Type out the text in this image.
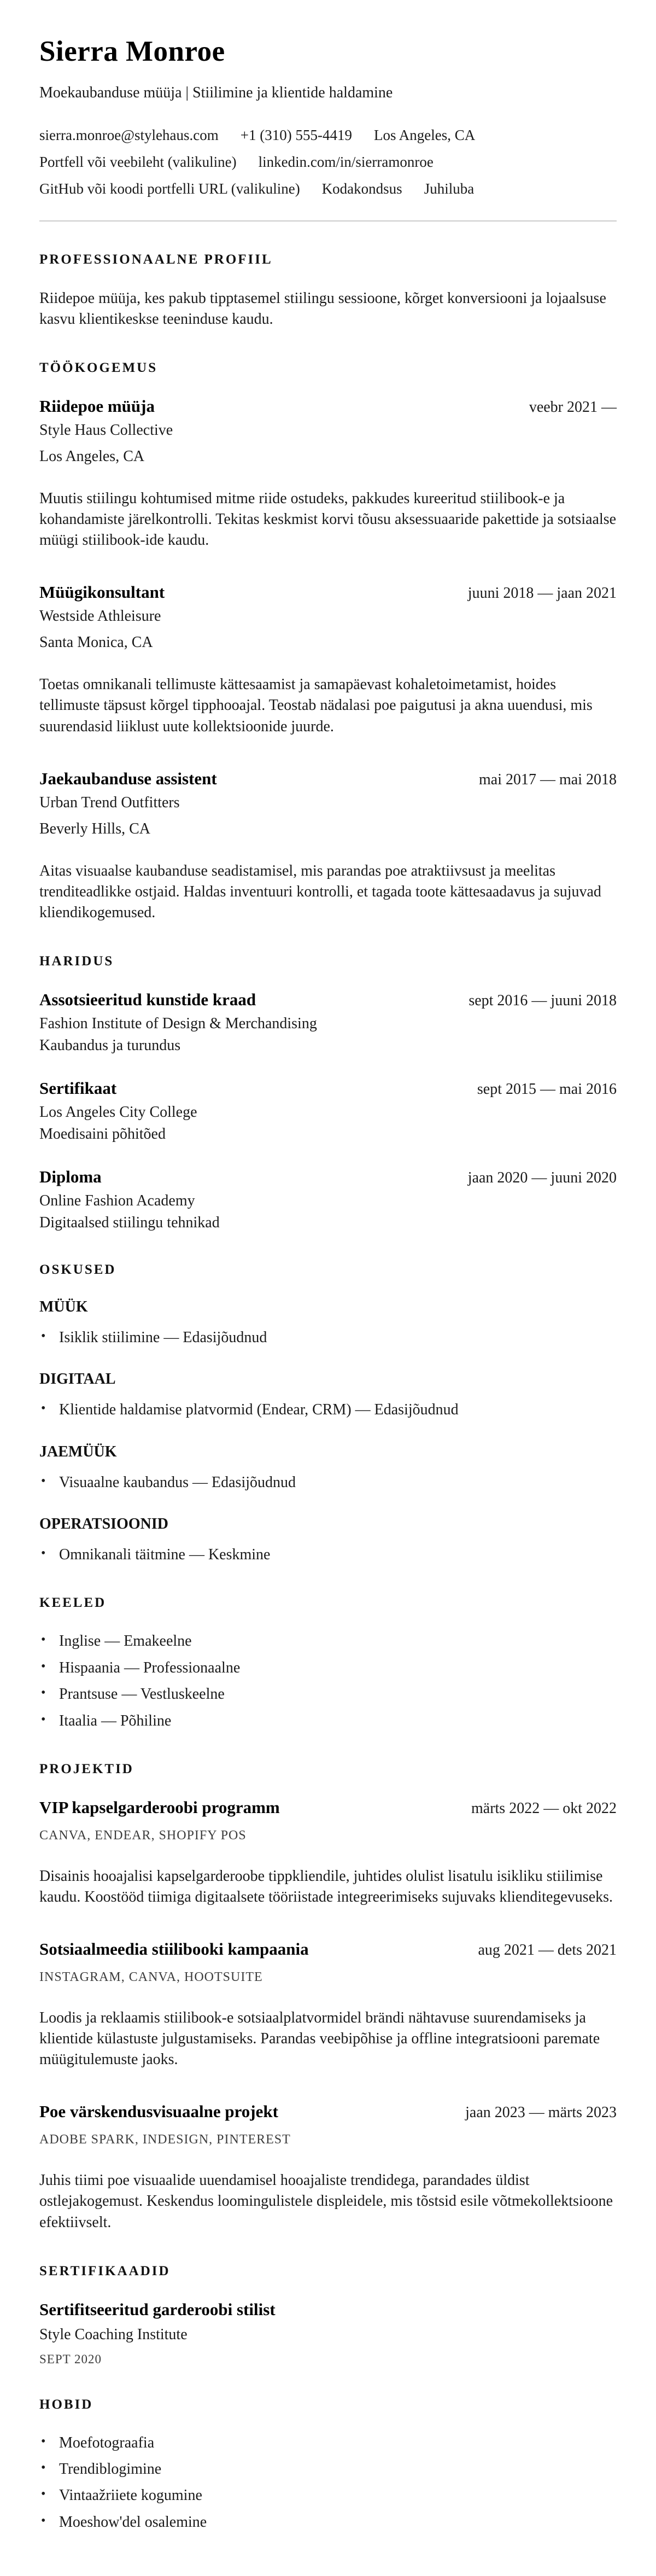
Sierra Monroe

Moekaubanduse müüja | Stiilimine ja klientide haldamine

sierra.monroe@stylehaus.com +1 (310) 555-4419 Los Angeles, CA
Portfell või veebileht (valikuline) linkedin.com/in/sierramonroe
GitHub või koodi portfelli URL (valikuline) Kodakondsus Juhiluba
PROFESSIONAALNE PROFIIL

Riidepoe müüja, kes pakub tipptasemel stiilingu sessioone, kõrget konversiooni ja lojaalsuse kasvu klientikeskse teeninduse kaudu.

TÖÖKOGEMUS
Riidepoe müüja	veebr 2021 —

Style Haus Collective

Los Angeles, CA

Muutis stiilingu kohtumised mitme riide ostudeks, pakkudes kureeritud stiilibook-e ja kohandamiste järelkontrolli. Tekitas keskmist korvi tõusu aksessuaaride pakettide ja sotsiaalse müügi stiilibook-ide kaudu.

Müügikonsultant	juuni 2018 — jaan 2021

Westside Athleisure

Santa Monica, CA

Toetas omnikanali tellimuste kättesaamist ja samapäevast kohaletoimetamist, hoides tellimuste täpsust kõrgel tipphooajal. Teostab nädalasi poe paigutusi ja akna uuendusi, mis suurendasid liiklust uute kollektsioonide juurde.

Jaekaubanduse assistent	mai 2017 — mai 2018

Urban Trend Outfitters

Beverly Hills, CA

Aitas visuaalse kaubanduse seadistamisel, mis parandas poe atraktiivsust ja meelitas trenditeadlikke ostjaid. Haldas inventuuri kontrolli, et tagada toote kättesaadavus ja sujuvad kliendikogemused.

HARIDUS
Assotsieeritud kunstide kraad	sept 2016 — juuni 2018

Fashion Institute of Design & Merchandising

Kaubandus ja turundus

Sertifikaat	sept 2015 — mai 2016

Los Angeles City College

Moedisaini põhitõed

Diploma	jaan 2020 — juuni 2020

Online Fashion Academy

Digitaalsed stiilingu tehnikad

OSKUSED
MÜÜK
• Isiklik stiilimine — Edasijõudnud
DIGITAAL
• Klientide haldamise platvormid (Endear, CRM) — Edasijõudnud
JAEMÜÜK
• Visuaalne kaubandus — Edasijõudnud
OPERATSIOONID
• Omnikanali täitmine — Keskmine
KEELED
• Inglise — Emakeelne
• Hispaania — Professionaalne
• Prantsuse — Vestluskeelne
• Itaalia — Põhiline
PROJEKTID
VIP kapselgarderoobi programm	märts 2022 — okt 2022

CANVA, ENDEAR, SHOPIFY POS

Disainis hooajalisi kapselgarderoobe tippkliendile, juhtides olulist lisatulu isikliku stiilimise kaudu. Koostööd tiimiga digitaalsete tööriistade integreerimiseks sujuvaks klienditegevuseks.

Sotsiaalmeedia stiilibooki kampaania	aug 2021 — dets 2021

INSTAGRAM, CANVA, HOOTSUITE

Loodis ja reklaamis stiilibook-e sotsiaalplatvormidel brändi nähtavuse suurendamiseks ja klientide külastuste julgustamiseks. Parandas veebipõhise ja offline integratsiooni paremate müügitulemuste jaoks.

Poe värskendusvisuaalne projekt	jaan 2023 — märts 2023

ADOBE SPARK, INDESIGN, PINTEREST

Juhis tiimi poe visuaalide uuendamisel hooajaliste trendidega, parandades üldist ostlejakogemust. Keskendus loomingulistele displeidele, mis tõstsid esile võtmekollektsioone efektiivselt.

SERTIFIKAADID
Sertifitseeritud garderoobi stilist

Style Coaching Institute

SEPT 2020

HOBID
• Moefotograafia
• Trendiblogimine
• Vintaažriiete kogumine
• Moeshow'del osalemine
